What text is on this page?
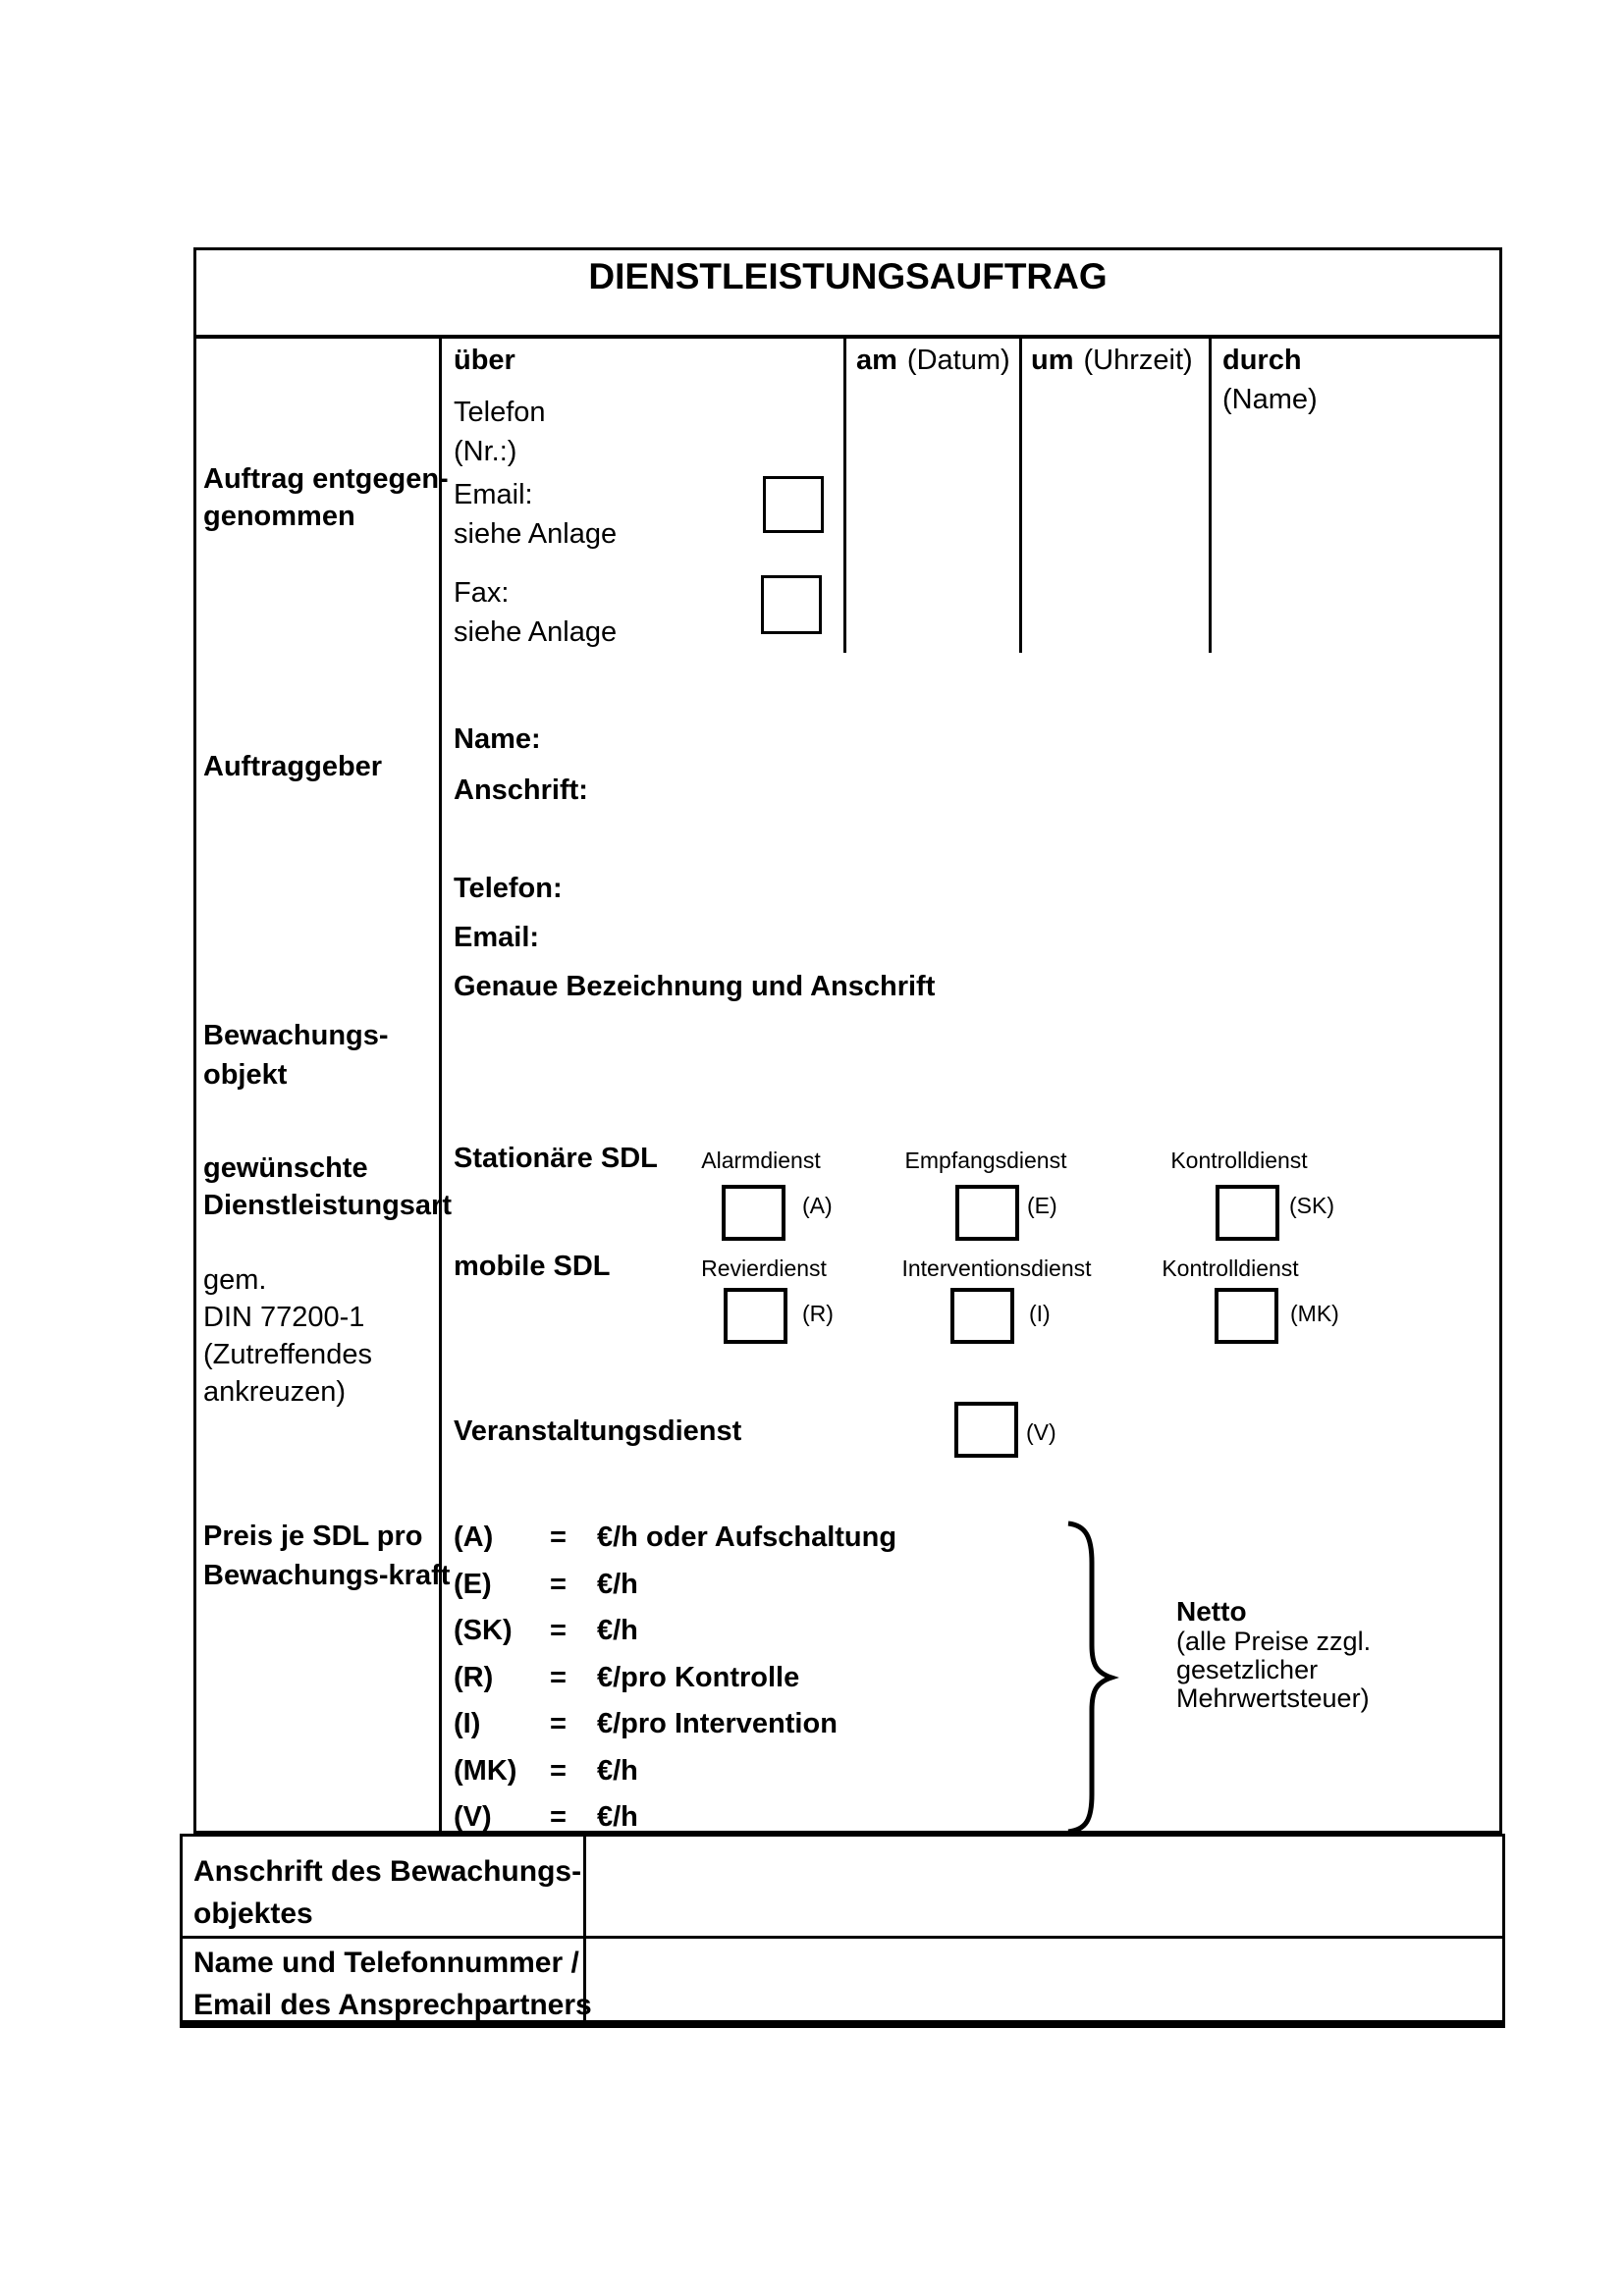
DIENSTLEISTUNGSAUFTRAG
Auftrag entgegen-
genommen
über
Telefon
(Nr.:)
Email:
siehe Anlage
Fax:
siehe Anlage
am (Datum) um (Uhrzeit) durch
(Name)
Auftraggeber
Name:
Anschrift:
Telefon:
Email:
Genaue Bezeichnung und Anschrift
Bewachungs-
objekt
gewünschte
Dienstleistungsart
gem.
DIN 77200-1
(Zutreffendes
ankreuzen)
Stationäre SDL Alarmdienst
(A)
Empfangsdienst
(E)
Kontrolldienst
(SK)
mobile SDL	Revierdienst
(R)
Interventionsdienst
(I)
Kontrolldienst
(MK)
Veranstaltungsdienst	(V)
Preis je SDL pro
Bewachungs-kraft
(A) = €/h oder Aufschaltung
(E) = €/h
(SK) = €/h
(R) = €/pro Kontrolle
(I) = €/pro Intervention
(MK) = €/h
(V) = €/h
Netto
(alle Preise zzgl.
gesetzlicher
Mehrwertsteuer)
Anschrift des Bewachungs-
objektes
Name und Telefonnummer /
Email des Ansprechpartners
